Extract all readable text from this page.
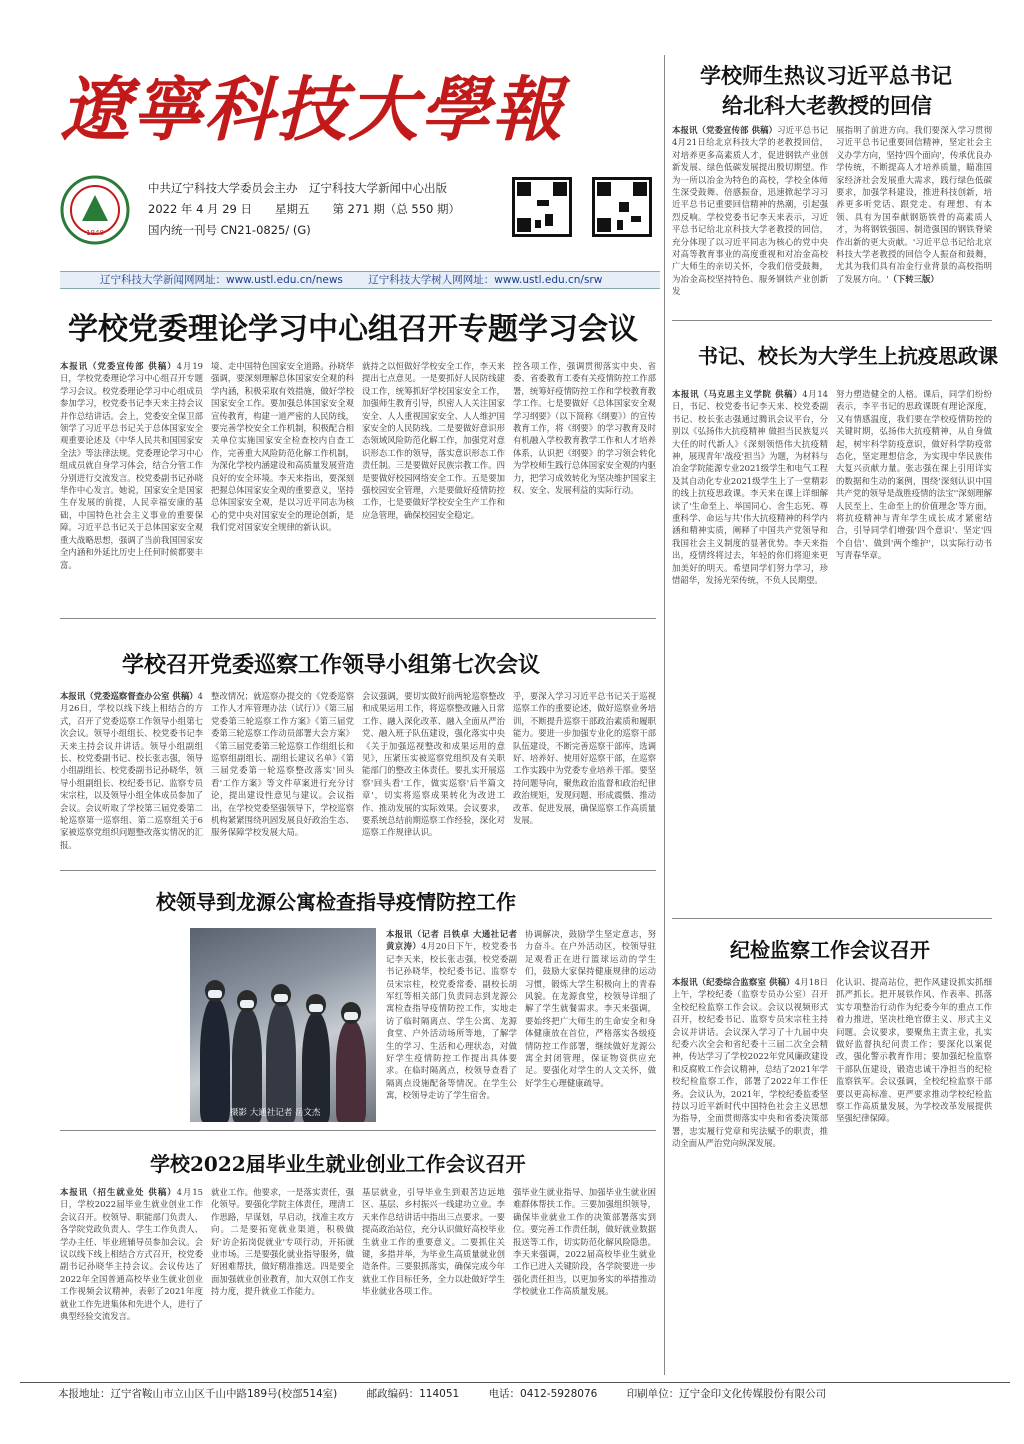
遼寧科技大學報
1948
中共辽宁科技大学委员会主办　辽宁科技大学新闻中心出版
2022 年 4 月 29 日　　星期五　　第 271 期（总 550 期）
国内统一刊号 CN21-0825/ (G)
辽宁科技大学新闻网网址：www.ustl.edu.cn/news 辽宁科技大学树人网网址：www.ustl.edu.cn/srw
学校师生热议习近平总书记
给北科大老教授的回信
本报讯（党委宣传部 供稿）习近平总书记4月21日给北京科技大学的老教授回信，对培养更多高素质人才，促进钢铁产业创新发展、绿色低碳发展提出殷切期望。作为一所以冶金为特色的高校，学校全体师生深受鼓舞、倍感振奋，迅速掀起学习习近平总书记重要回信精神的热潮，引起强烈反响。学校党委书记李天来表示，习近平总书记给北京科技大学老教授的回信，充分体现了以习近平同志为核心的党中央对高等教育事业的高度重视和对冶金高校广大师生的亲切关怀，令我们倍受鼓舞，为冶金高校坚持特色、服务钢铁产业创新发
展指明了前进方向。我们要深入学习贯彻习近平总书记重要回信精神，坚定社会主义办学方向，坚持'四个面向'，传承优良办学传统，不断提高人才培养质量，瞄准国家经济社会发展重大需求，践行绿色低碳要求，加强学科建设，推进科技创新，培养更多听党话、跟党走、有理想、有本领、具有为国奉献钢筋铁骨的高素质人才，为将钢铁强国、制造强国的钢铁脊梁作出新的更大贡献。'习近平总书记给北京科技大学老教授的回信令人振奋和鼓舞，尤其为我们具有冶金行业背景的高校指明了发展方向。'（下转三版）
学校党委理论学习中心组召开专题学习会议
本报讯（党委宣传部 供稿）4月19日，学校党委理论学习中心组召开专题学习会议。校党委理论学习中心组成员参加学习，校党委书记李天来主持会议并作总结讲话。会上，党委安全保卫部领学了习近平总书记关于总体国家安全观重要论述及《中华人民共和国国家安全法》等法律法规。党委理论学习中心组成员就自身学习体会，结合分管工作分别进行交流发言。校党委副书记孙晓华作中心发言。她说，国家安全是国家生存发展的前提，人民幸福安康的基础，中国特色社会主义事业的重要保障。习近平总书记关于总体国家安全观重大战略思想，强调了当前我国国家安全内涵和外延比历史上任何时候都要丰富。
境、走中国特色国家安全道路。孙晓华强调，要深刻理解总体国家安全观的科学内涵，积极采取有效措施，做好学校国家安全工作。要加强总体国家安全观宣传教育，构建一道严密的人民防线，要完善学校安全工作机制，积极配合相关单位实施国家安全检查校内自查工作，完善重大风险防范化解工作机制，为深化学校内涵建设和高质量发展营造良好的安全环境。李天来指出，要深刻把握总体国家安全观的重要意义，坚持总体国家安全观，是以习近平同志为核心的党中央对国家安全的理论创新，是我们党对国家安全规律的新认识。
就持之以恒做好学校安全工作，李天来提出七点意见。一是要抓好人民防线建设工作，统筹抓好学校国家安全工作，加强师生教育引导，织密人人关注国家安全、人人重视国家安全、人人维护国家安全的人民防线。二是要做好意识形态领域风险防范化解工作，加强党对意识形态工作的领导，落实意识形态工作责任制。三是要做好民族宗教工作。四是要做好校园网络安全工作。五是要加强校园安全管理，六是要做好疫情防控工作，七是要做好学校安全生产工作和应急管理，确保校园安全稳定。
控各项工作，强调贯彻落实中央、省委、省委教育工委有关疫情防控工作部署，统筹好疫情防控工作和学校教育教学工作。七是要做好《总体国家安全观学习纲要》（以下简称《纲要》）的宣传教育工作，将《纲要》的学习教育及时有机融入学校教育教学工作和人才培养体系，认识把《纲要》的学习领会转化为学校师生践行总体国家安全观的内驱力，把学习成效转化为坚决维护国家主权、安全、发展利益的实际行动。
学校召开党委巡察工作领导小组第七次会议
本报讯（党委巡察督查办公室 供稿）4月26日，学校以线下线上相结合的方式，召开了党委巡察工作领导小组第七次会议。领导小组组长、校党委书记李天来主持会议并讲话。领导小组副组长、校党委副书记、校长张志强，领导小组副组长、校党委副书记孙晓华，领导小组副组长、校纪委书记、监察专员宋宗柱，以及领导小组全体成员参加了会议。会议听取了学校第三届党委第二轮巡察第一巡察组、第二巡察组关于6家被巡察党组织问题整改落实情况的汇报。
整改情况；就巡察办提交的《党委巡察工作人才库管理办法（试行）》《第三届党委第三轮巡察工作方案》《第三届党委第三轮巡察工作动员部署大会方案》《第三届党委第三轮巡察工作组组长和巡察组副组长、副组长建议名单》《第三届党委第一轮巡察整改落实'回头看'工作方案》等文件草案进行充分讨论，提出建设性意见与建议。会议指出，在学校党委坚强领导下，学校巡察机构紧紧围绕巩固发展良好政治生态、服务保障学校发展大局。
会议强调，要切实做好前两轮巡察整改和成果运用工作，将巡察整改融入日常工作、融入深化改革、融入全面从严治党、融入班子队伍建设，强化落实中央《关于加强巡视整改和成果运用的意见》，压紧压实被巡察党组织及有关职能部门的整改主体责任。要扎实开展巡察'回头看'工作，做实巡察'后半篇文章'，切实将巡察成果转化为改进工作、推动发展的实际效果。会议要求，要系统总结前期巡察工作经验，深化对巡察工作规律认识。
乎，要深入学习习近平总书记关于巡视巡察工作的重要论述，做好巡察业务培训，不断提升巡察干部政治素质和履职能力。要进一步加强专业化的巡察干部队伍建设，不断完善巡察干部库，选调好、培养好、使用好巡察干部，在巡察工作实践中为党委专业培养干部。要坚持问题导向，聚焦政治监督和政治纪律政治规矩，发现问题、形成震慑、推动改革、促进发展，确保巡察工作高质量发展。
校领导到龙源公寓检查指导疫情防控工作
摄影 大通社记者 岳文杰
本报讯（记者 吕铁卓 大通社记者 黄京涛）4月20日下午，校党委书记李天来，校长张志强，校党委副书记孙晓华，校纪委书记、监察专员宋宗柱，校党委常委、副校长胡军红等相关部门负责同志到龙源公寓检查指导疫情防控工作，实地走访了临时隔离点、学生公寓、龙源食堂、户外活动场所等地，了解学生的学习、生活和心理状态，对做好学生疫情防控工作提出具体要求。在临时隔离点，校领导查看了隔离点设施配备等情况。在学生公寓，校领导走访了学生宿舍。
协调解决，鼓励学生坚定意志，努力奋斗。在户外活动区，校领导驻足观看正在进行篮球运动的学生们，鼓励大家保持健康规律的运动习惯，锻炼大学生积极向上的青春风貌。在龙源食堂，校领导详细了解了学生就餐需求。李天来强调，要始终把广大师生的生命安全和身体健康放在首位，严格落实各级疫情防控工作部署，继续做好龙源公寓全封闭管理，保证物资供应充足。要强化对学生的人文关怀，做好学生心理健康疏导。
学校2022届毕业生就业创业工作会议召开
本报讯（招生就业处 供稿）4月15日，学校2022届毕业生就业创业工作会议召开。校领导、职能部门负责人、各学院党政负责人、学生工作负责人、学办主任、毕业班辅导员参加会议。会议以线下线上相结合方式召开，校党委副书记孙晓华主持会议。会议传达了2022年全国普通高校毕业生就业创业工作视频会议精神，表彰了2021年度就业工作先进集体和先进个人，进行了典型经验交流发言。
就业工作。他要求，一是落实责任，强化领导。要强化学院主体责任，理清工作思路，早谋划，早启动，找准主攻方向。二是要拓宽就业渠道，积极做好'访企拓岗促就业'专项行动，开拓就业市场。三是要强化就业指导服务，做好困难帮扶，做好精准推送。四是要全面加强就业创业教育，加大双创工作支持力度，提升就业工作能力。
基层就业，引导毕业生到艰苦边远地区、基层、乡村振兴一线建功立业。李天来作总结讲话中指出三点要求。一要提高政治站位，充分认识做好高校毕业生就业工作的重要意义。二要抓住关键，多措并举，为毕业生高质量就业创造条件。三要狠抓落实，确保完成今年就业工作目标任务，全力以赴做好学生毕业就业各项工作。
强毕业生就业指导、加强毕业生就业困难群体帮扶工作。三要加强组织领导，确保毕业就业工作的决策部署落实到位。要完善工作责任制，做好就业数据报送等工作，切实防范化解风险隐患。李天来强调，2022届高校毕业生就业工作已进入关键阶段，各学院要进一步强化责任担当，以更加务实的举措推动学校就业工作高质量发展。
书记、校长为大学生上抗疫思政课
本报讯（马克思主义学院 供稿）4月14日，书记、校党委书记李天来、校党委副书记、校长张志强通过腾讯会议平台，分别以《弘扬伟大抗疫精神 做担当民族复兴大任的时代新人》《深刻领悟伟大抗疫精神，展现青年'战疫'担当》为题，为材料与冶金学院能源专业2021级学生和电气工程及其自动化专业2021级学生上了一堂精彩的线上抗疫思政课。李天来在课上详细解读了'生命至上、举国同心、舍生忘死、尊重科学、命运与共'伟大抗疫精神的科学内涵和精神实质，阐释了中国共产党领导和我国社会主义制度的显著优势。李天来指出，疫情终将过去，年轻的你们将迎来更加美好的明天。希望同学们努力学习，珍惜韶华，发扬光荣传统，不负人民期望。
努力塑造健全的人格。课后，同学们纷纷表示，李平书记的思政课既有理论深度，又有情感温度，我们要在学校疫情防控的关键时期，弘扬伟大抗疫精神，从自身做起，树牢科学防疫意识，做好科学防疫常态化，坚定理想信念，为实现中华民族伟大复兴贡献力量。张志强在课上引用详实的数据和生动的案例，围绕'深刻认识中国共产党的领导是战胜疫情的法宝''深刻理解人民至上、生命至上的价值理念'等方面，将抗疫精神与青年学生成长成才紧密结合，引导同学们增强'四个意识'、坚定'四个自信'、做到'两个维护'，以实际行动书写青春华章。
纪检监察工作会议召开
本报讯（纪委综合监察室 供稿）4月18日上午，学校纪委（监察专员办公室）召开全校纪检监察工作会议。会议以视频形式召开，校纪委书记、监察专员宋宗柱主持会议并讲话。会议深入学习了十九届中央纪委六次全会和省纪委十三届二次全会精神，传达学习了学校2022年党风廉政建设和反腐败工作会议精神，总结了2021年学校纪检监察工作，部署了2022年工作任务。会议认为，2021年，学校纪委监委坚持以习近平新时代中国特色社会主义思想为指导，全面贯彻落实中央和省委决策部署，忠实履行党章和宪法赋予的职责，推动全面从严治党向纵深发展。
化认识、提高站位，把作风建设抓实抓细抓严抓长。把开展铁作风、作表率、抓落实专项整治行动作为纪委今年的重点工作着力推进，坚决杜绝官僚主义、形式主义问题。会议要求，要聚焦主责主业，扎实做好监督执纪问责工作；要深化以案促改，强化警示教育作用；要加强纪检监察干部队伍建设，锻造忠诚干净担当的纪检监察铁军。会议强调，全校纪检监察干部要以更高标准、更严要求推动学校纪检监察工作高质量发展，为学校改革发展提供坚强纪律保障。
本报地址：辽宁省鞍山市立山区千山中路189号(校部514室)	邮政编码：114051	电话：0412-5928076	印刷单位：辽宁金印文化传媒股份有限公司
